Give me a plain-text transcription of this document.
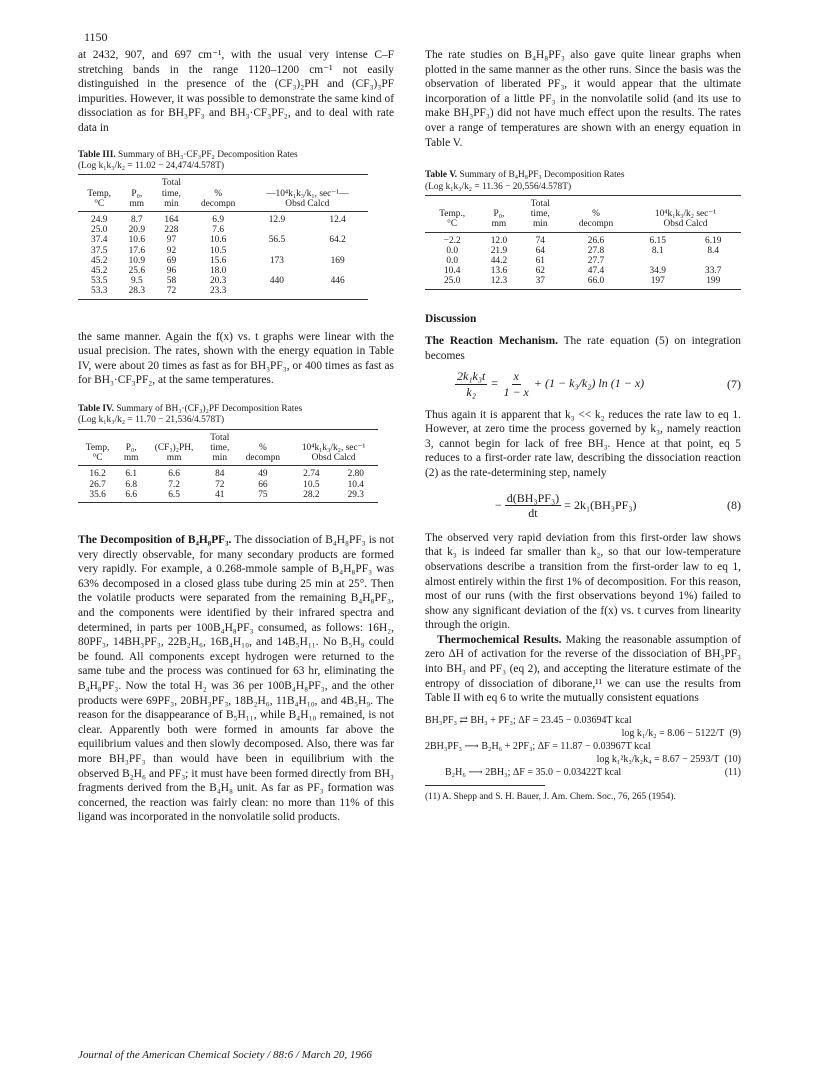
1150

at 2432, 907, and 697 cm⁻¹, with the usual very intense C–F stretching bands in the range 1120–1200 cm⁻¹ not easily distinguished in the presence of the (CF₃)₂PH and (CF₃)₃PF impurities. However, it was possible to demonstrate the same kind of dissociation as for BH₃PF₃ and BH₃·CF₃PF₂, and to deal with rate data in

Table III. Summary of BH₃·CF₃PF₂ Decomposition Rates

(Log k₁k₃/k₂ = 11.02 − 24,474/4.578T)

		Total			
Temp,	P₀,	time,	%	—10⁴k₁k₃/k₁, sec⁻¹—	
°C	mm	min	decompn	Obsd Calcd	
24.9	8.7	164	6.9	12.9	12.4
25.0	20.9	228	7.6		
37.4	10.6	97	10.6	56.5	64.2
37.5	17.6	92	10.5		
45.2	10.9	69	15.6	173	169
45.2	25.6	96	18.0		
53.5	9.5	58	20.3	440	446
53.3	28.3	72	23.3		

the same manner. Again the f(x) vs. t graphs were linear with the usual precision. The rates, shown with the energy equation in Table IV, were about 20 times as fast as for BH₃PF₃, or 400 times as fast as for BH₃·CF₃PF₂, at the same temperatures.

Table IV. Summary of BH₃·(CF₃)₂PF Decomposition Rates

(Log k₁k₃/k₂ = 11.70 − 21,536/4.578T)

			Total			
Temp,	P₀,	(CF₃)₂PH,	time,	%	10⁴k₁k₃/k₂, sec⁻¹	
°C	mm	mm	min	decompn	Obsd Calcd	
16.2	6.1	6.6	84	49	2.74	2.80
26.7	6.8	7.2	72	66	10.5	10.4
35.6	6.6	6.5	41	75	28.2	29.3

The Decomposition of B₄H₈PF₃. The dissociation of B₄H₈PF₃ is not very directly observable, for many secondary products are formed very rapidly. For example, a 0.268-mmole sample of B₄H₈PF₃ was 63% decomposed in a closed glass tube during 25 min at 25°. Then the volatile products were separated from the remaining B₄H₈PF₃, and the components were identified by their infrared spectra and determined, in parts per 100B₄H₈PF₃ consumed, as follows: 16H₂, 80PF₃, 14BH₃PF₃, 22B₂H₆, 16B₄H₁₀, and 14B₅H₁₁. No B₅H₉ could be found. All components except hydrogen were returned to the same tube and the process was continued for 63 hr, eliminating the B₄H₈PF₃. Now the total H₂ was 36 per 100B₄H₈PF₃, and the other products were 69PF₃, 20BH₃PF₃, 18B₂H₆, 11B₄H₁₀, and 4B₅H₉. The reason for the disappearance of B₅H₁₁, while B₄H₁₀ remained, is not clear. Apparently both were formed in amounts far above the equilibrium values and then slowly decomposed. Also, there was far more BH₃PF₃ than would have been in equilibrium with the observed B₂H₆ and PF₃; it must have been formed directly from BH₃ fragments derived from the B₄H₈ unit. As far as PF₃ formation was concerned, the reaction was fairly clean: no more than 11% of this ligand was incorporated in the nonvolatile solid products.

The rate studies on B₄H₈PF₃ also gave quite linear graphs when plotted in the same manner as the other runs. Since the basis was the observation of liberated PF₃, it would appear that the ultimate incorporation of a little PF₃ in the nonvolatile solid (and its use to make BH₃PF₃) did not have much effect upon the results. The rates over a range of temperatures are shown with an energy equation in Table V.

Table V. Summary of B₄H₈PF₃ Decomposition Rates

(Log k₁k₃/k₂ = 11.36 − 20,556/4.578T)

		Total			
Temp.,	P₀,	time,	%	10⁴k₁k₃/k₂ sec⁻¹	
°C	mm	min	decompn	Obsd Calcd	
−2.2	12.0	74	26.6	6.15	6.19
0.0	21.9	64	27.8	8.1	8.4
0.0	44.2	61	27.7		
10.4	13.6	62	47.4	34.9	33.7
25.0	12.3	37	66.0	197	199

Discussion

The Reaction Mechanism. The rate equation (5) on integration becomes

$\frac{\text{2k₁k₃t}}{\text{k₂}} = \frac{x}{1 - x} + (1 - k_3/k_2)$ ln (1 − x)	(7)

Thus again it is apparent that k₃ << k₂ reduces the rate law to eq 1. However, at zero time the process governed by k₃, namely reaction 3, cannot begin for lack of free BH₃. Hence at that point, eq 5 reduces to a first-order rate law, describing the dissociation reaction (2) as the rate-determining step, namely

− $\frac{\text{d(BH₃PF₃)}}{dt} = 2k_1(BH_3PF_3)$	(8)

The observed very rapid deviation from this first-order law shows that k₃ is indeed far smaller than k₂, so that our low-temperature observations describe a transition from the first-order law to eq 1, almost entirely within the first 1% of decomposition. For this reason, most of our runs (with the first observations beyond 1%) failed to show any significant deviation of the f(x) vs. t curves from linearity through the origin.

Thermochemical Results. Making the reasonable assumption of zero ΔH of activation for the reverse of the dissociation of BH₃PF₃ into BH₃ and PF₃ (eq 2), and accepting the literature estimate of the entropy of dissociation of diborane,¹¹ we can use the results from Table II with eq 6 to write the mutually consistent equations

BH₃PF₃ ⇄ BH₃ + PF₃; ΔF = 23.45 − 0.03694T kcal
log k₁/k₂ = 8.06 − 5122/T (9)
2BH₃PF₃ ⟶ B₂H₆ + 2PF₃; ΔF = 11.87 − 0.03967T kcal
log k₁²k₃/k₂k₄ = 8.67 − 2593/T (10)
B₂H₆ ⟶ 2BH₃; ΔF = 35.0 − 0.03422T kcal	(11)

(11) A. Shepp and S. H. Bauer, J. Am. Chem. Soc., 76, 265 (1954).

Journal of the American Chemical Society / 88:6 / March 20, 1966
